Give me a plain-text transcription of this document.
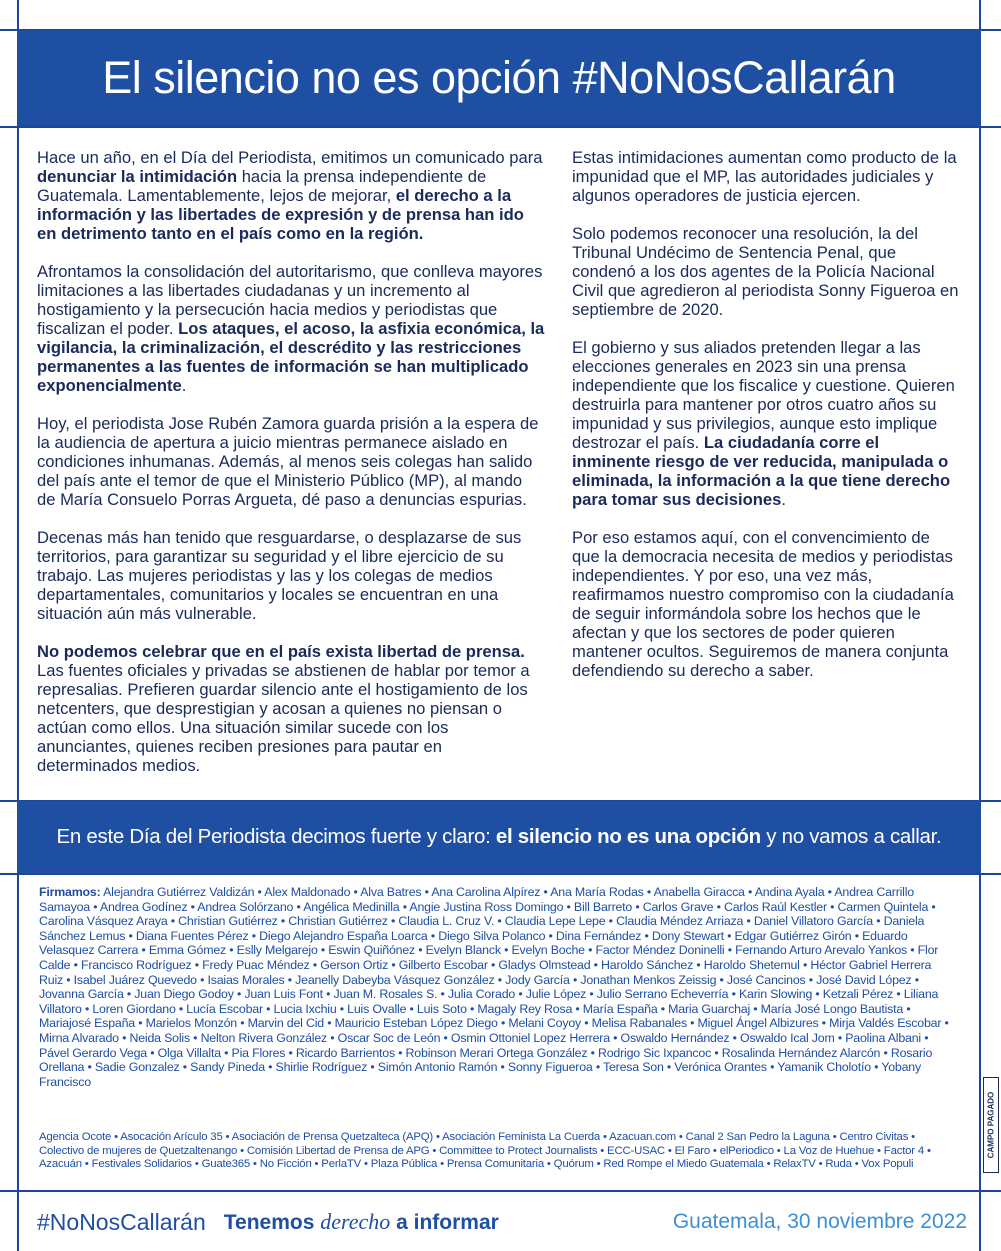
El silencio no es opción #NoNosCallarán

Hace un año, en el Día del Periodista, emitimos un comunicado para denunciar la intimidación hacia la prensa independiente de Guatemala. Lamentablemente, lejos de mejorar, el derecho a la información y las libertades de expresión y de prensa han ido en detrimento tanto en el país como en la región.

Afrontamos la consolidación del autoritarismo, que conlleva mayores limitaciones a las libertades ciudadanas y un incremento al hostigamiento y la persecución hacia medios y periodistas que fiscalizan el poder. Los ataques, el acoso, la asfixia económica, la vigilancia, la criminalización, el descrédito y las restricciones permanentes a las fuentes de información se han multiplicado exponencialmente.

Hoy, el periodista Jose Rubén Zamora guarda prisión a la espera de la audiencia de apertura a juicio mientras permanece aislado en condiciones inhumanas. Además, al menos seis colegas han salido del país ante el temor de que el Ministerio Público (MP), al mando de María Consuelo Porras Argueta, dé paso a denuncias espurias.

Decenas más han tenido que resguardarse, o desplazarse de sus territorios, para garantizar su seguridad y el libre ejercicio de su trabajo. Las mujeres periodistas y las y los colegas de medios departamentales, comunitarios y locales se encuentran en una situación aún más vulnerable.

No podemos celebrar que en el país exista libertad de prensa. Las fuentes oficiales y privadas se abstienen de hablar por temor a represalias. Prefieren guardar silencio ante el hostigamiento de los netcenters, que desprestigian y acosan a quienes no piensan o actúan como ellos. Una situación similar sucede con los anunciantes, quienes reciben presiones para pautar en determinados medios.

Estas intimidaciones aumentan como producto de la impunidad que el MP, las autoridades judiciales y algunos operadores de justicia ejercen.

Solo podemos reconocer una resolución, la del Tribunal Undécimo de Sentencia Penal, que condenó a los dos agentes de la Policía Nacional Civil que agredieron al periodista Sonny Figueroa en septiembre de 2020.

El gobierno y sus aliados pretenden llegar a las elecciones generales en 2023 sin una prensa independiente que los fiscalice y cuestione. Quieren destruirla para mantener por otros cuatro años su impunidad y sus privilegios, aunque esto implique destrozar el país. La ciudadanía corre el inminente riesgo de ver reducida, manipulada o eliminada, la información a la que tiene derecho para tomar sus decisiones.

Por eso estamos aquí, con el convencimiento de que la democracia necesita de medios y periodistas independientes. Y por eso, una vez más, reafirmamos nuestro compromiso con la ciudadanía de seguir informándola sobre los hechos que le afectan y que los sectores de poder quieren mantener ocultos. Seguiremos de manera conjunta defendiendo su derecho a saber.

En este Día del Periodista decimos fuerte y claro: el silencio no es una opción y no vamos a callar.

Firmamos: Alejandra Gutiérrez Valdizán • Alex Maldonado • Alva Batres • Ana Carolina Alpírez • Ana María Rodas • Anabella Giracca • Andina Ayala • Andrea Carrillo Samayoa • Andrea Godínez • Andrea Solórzano • Angélica Medinilla • Angie Justina Ross Domingo • Bill Barreto • Carlos Grave • Carlos Raúl Kestler • Carmen Quintela • Carolina Vásquez Araya • Christian Gutiérrez • Christian Gutiérrez • Claudia L. Cruz V. • Claudia Lepe Lepe • Claudia Méndez Arriaza • Daniel Villatoro García • Daniela Sánchez Lemus • Diana Fuentes Pérez • Diego Alejandro España Loarca • Diego Silva Polanco • Dina Fernández • Dony Stewart • Edgar Gutiérrez Girón • Eduardo Velasquez Carrera • Emma Gómez • Eslly Melgarejo • Eswin Quiñónez • Evelyn Blanck • Evelyn Boche • Factor Méndez Doninelli • Fernando Arturo Arevalo Yankos • Flor Calde • Francisco Rodríguez • Fredy Puac Méndez • Gerson Ortiz • Gilberto Escobar • Gladys Olmstead • Haroldo Sánchez • Haroldo Shetemul • Héctor Gabriel Herrera Ruiz • Isabel Juárez Quevedo • Isaias Morales • Jeanelly Dabeyba Vásquez González • Jody García • Jonathan Menkos Zeissig • José Cancinos • José David López • Jovanna García • Juan Diego Godoy • Juan Luis Font • Juan M. Rosales S. • Julia Corado • Julie López • Julio Serrano Echeverría • Karin Slowing • Ketzali Pérez • Liliana Villatoro • Loren Giordano • Lucía Escobar • Lucia Ixchiu • Luis Ovalle • Luis Soto • Magaly Rey Rosa • María España • Maria Guarchaj • María José Longo Bautista • Mariajosé España • Marielos Monzón • Marvin del Cid • Mauricio Esteban López Diego • Melani Coyoy • Melisa Rabanales • Miguel Ángel Albizures • Mirja Valdés Escobar • Mirna Alvarado • Neida Solis • Nelton Rivera González • Oscar Soc de León • Osmin Ottoniel Lopez Herrera • Oswaldo Hernández • Oswaldo Ical Jom • Paolina Albani • Pável Gerardo Vega • Olga Villalta • Pia Flores • Ricardo Barrientos • Robinson Merari Ortega González • Rodrigo Sic Ixpancoc • Rosalinda Hernández Alarcón • Rosario Orellana • Sadie Gonzalez • Sandy Pineda • Shirlie Rodríguez • Simón Antonio Ramón • Sonny Figueroa • Teresa Son • Verónica Orantes • Yamanik Cholotío • Yobany Francisco
Agencia Ocote • Asocación Arículo 35 • Asociación de Prensa Quetzalteca (APQ) • Asociación Feminista La Cuerda • Azacuan.com • Canal 2 San Pedro la Laguna • Centro Civitas • Colectivo de mujeres de Quetzaltenango • Comisión Libertad de Prensa de APG • Committee to Protect Journalists • ECC-USAC • El Faro • elPeriodico • La Voz de Huehue • Factor 4 • Azacuán • Festivales Solidarios • Guate365 • No Ficción • PerlaTV • Plaza Pública • Prensa Comunitaria • Quórum • Red Rompe el Miedo Guatemala • RelaxTV • Ruda • Vox Populi
CAMPO PAGADO
#NoNosCallarán Tenemos derecho a informar	Guatemala, 30 noviembre 2022
